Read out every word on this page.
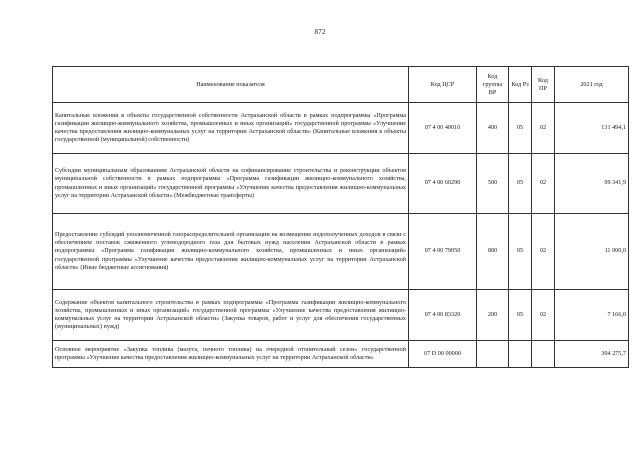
872
Наименование показателя	Код ЦСР	Код группы ВР	Код Рз	Код ПР	2021 год
Капитальные вложения в объекты государственной собственности Астраханской области в рамках подпрограммы «Программа газификации жилищно-коммунального хозяйства, промышленных и иных организаций» государственной программы «Улучшение качества предоставления жилищно-коммунальных услуг на территории Астраханской области» (Капитальные вложения в объекты государственной (муниципальной) собственности)	07 4 00 40010	400	05	02	131 494,1
Субсидии муниципальным образованиям Астраханской области на софинансирование строительства и реконструкции объектов муниципальной собственности в рамках подпрограммы «Программа газификации жилищно-коммунального хозяйства, промышленных и иных организаций» государственной программы «Улучшение качества предоставления жилищно-коммунальных услуг на территории Астраханской области» (Межбюджетные трансферты)	07 4 00 60290	500	05	02	99 341,9
Предоставление субсидий уполномоченной газораспределительной организации на возмещение недополученных доходов в связи с обеспечением поставок сжиженного углеводородного газа для бытовых нужд населения Астраханской области в рамках подпрограммы «Программа газификации жилищно-коммунального хозяйства, промышленных и иных организаций» государственной программы «Улучшение качества предоставления жилищно-коммунальных услуг на территории Астраханской области» (Иные бюджетные ассигнования)	07 4 00 79050	800	05	02	11 000,0
Содержание объектов капитального строительства в рамках подпрограммы «Программа газификации жилищно-коммунального хозяйства, промышленных и иных организаций» государственной программы «Улучшение качества предоставления жилищно-коммунальных услуг на территории Астраханской области» (Закупка товаров, работ и услуг для обеспечения государственных (муниципальных) нужд)	07 4 00 83320	200	05	02	7 166,0
Основное мероприятие «Закупка топлива (мазута, печного топлива) на очередной отопительный сезон» государственной программы «Улучшение качества предоставления жилищно-коммунальных услуг на территории Астраханской области»	07 D 00 00000				304 275,7
